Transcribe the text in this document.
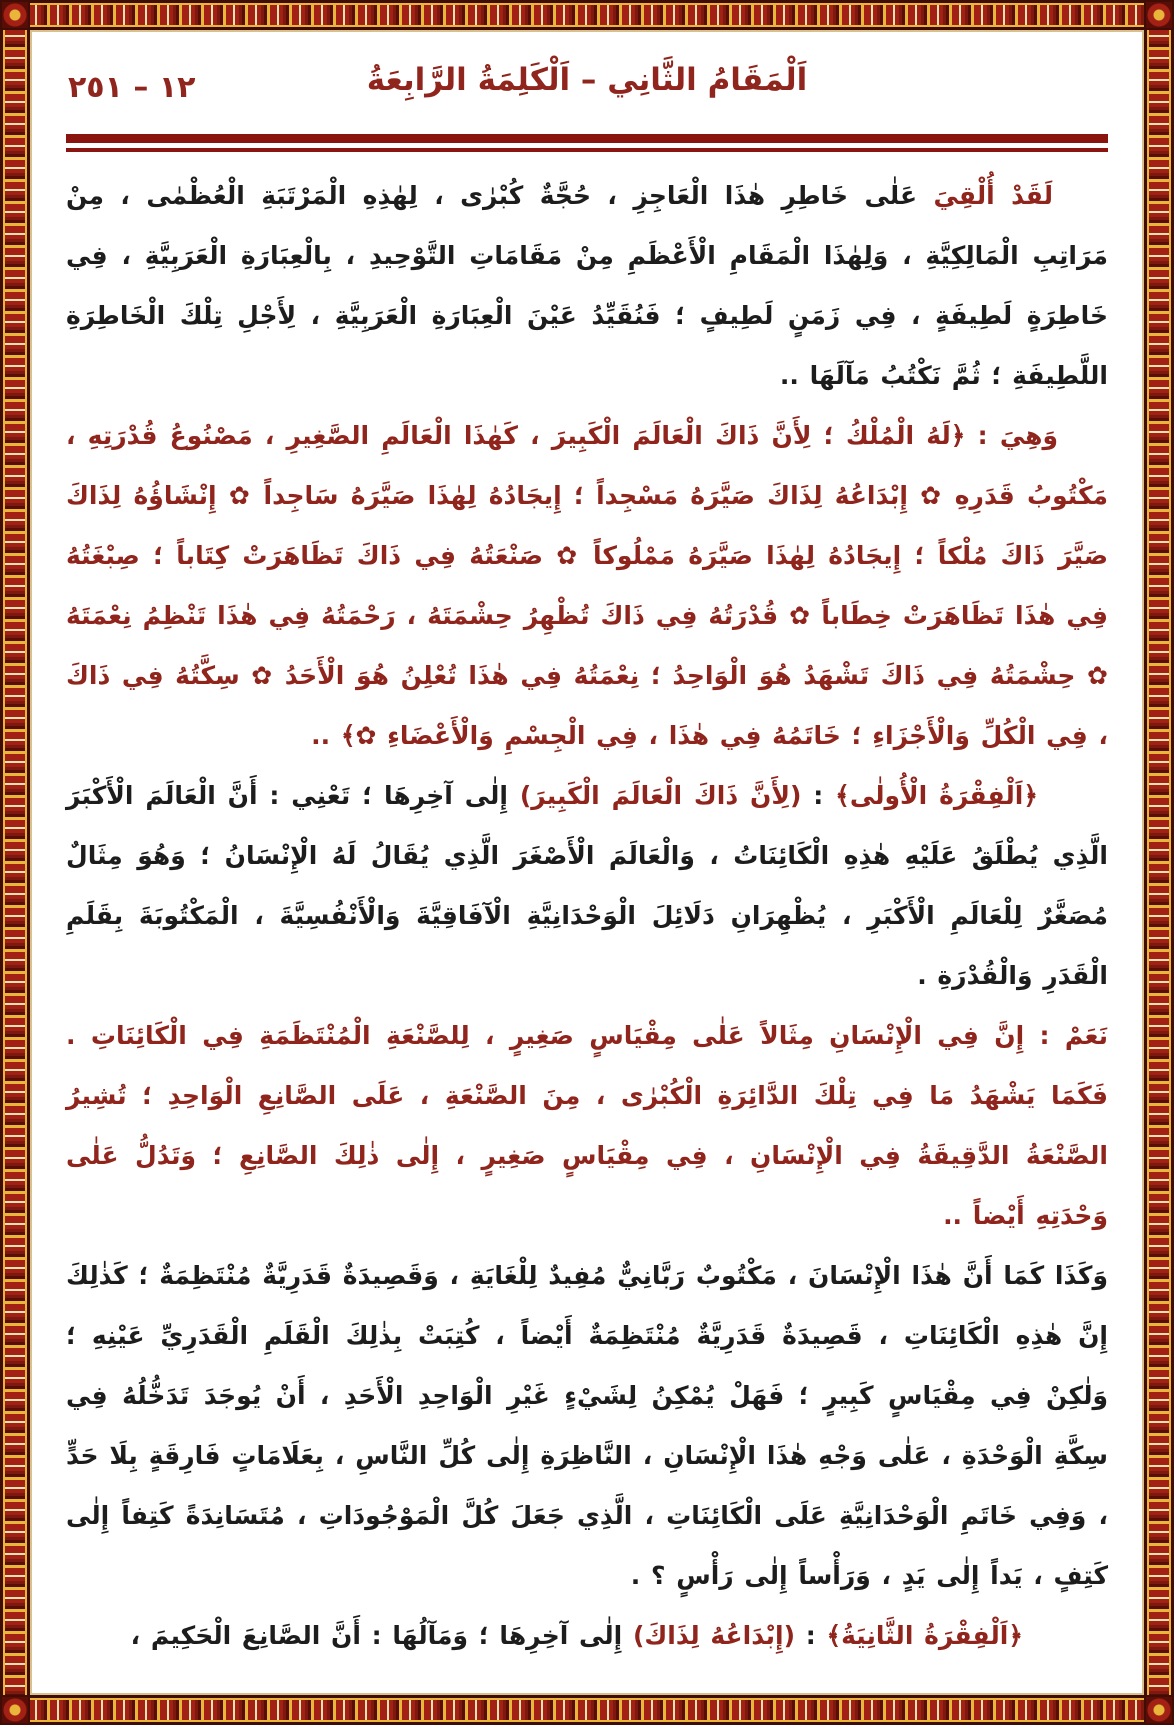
١٢ – ٢٥١	اَلْمَقَامُ الثَّانِي – اَلْكَلِمَةُ الرَّابِعَةُ

لَقَدْ أُلْقِيَ عَلٰى خَاطِرِ هٰذَا الْعَاجِزِ ، حُجَّةٌ كُبْرٰى ، لِهٰذِهِ الْمَرْتَبَةِ الْعُظْمٰى ، مِنْ مَرَاتِبِ الْمَالِكِيَّةِ ، وَلِهٰذَا الْمَقَامِ الْأَعْظَمِ مِنْ مَقَامَاتِ التَّوْحِيدِ ، بِالْعِبَارَةِ الْعَرَبِيَّةِ ، فِي خَاطِرَةٍ لَطِيفَةٍ ، فِي زَمَنٍ لَطِيفٍ ؛ فَنُقَيِّدُ عَيْنَ الْعِبَارَةِ الْعَرَبِيَّةِ ، لِأَجْلِ تِلْكَ الْخَاطِرَةِ اللَّطِيفَةِ ؛ ثُمَّ نَكْتُبُ مَآلَهَا ..

وَهِيَ : ﴿لَهُ الْمُلْكُ ؛ لِأَنَّ ذَاكَ الْعَالَمَ الْكَبِيرَ ، كَهٰذَا الْعَالَمِ الصَّغِيرِ ، مَصْنُوعُ قُدْرَتِهِ ، مَكْتُوبُ قَدَرِهِ ✿ إِبْدَاعُهُ لِذَاكَ صَيَّرَهُ مَسْجِداً ؛ إِيجَادُهُ لِهٰذَا صَيَّرَهُ سَاجِداً ✿ إِنْشَاؤُهُ لِذَاكَ صَيَّرَ ذَاكَ مُلْكاً ؛ إِيجَادُهُ لِهٰذَا صَيَّرَهُ مَمْلُوكاً ✿ صَنْعَتُهُ فِي ذَاكَ تَظَاهَرَتْ كِتَاباً ؛ صِبْغَتُهُ فِي هٰذَا تَظَاهَرَتْ خِطَاباً ✿ قُدْرَتُهُ فِي ذَاكَ تُظْهِرُ حِشْمَتَهُ ، رَحْمَتُهُ فِي هٰذَا تَنْظِمُ نِعْمَتَهُ ✿ حِشْمَتُهُ فِي ذَاكَ تَشْهَدُ هُوَ الْوَاحِدُ ؛ نِعْمَتُهُ فِي هٰذَا تُعْلِنُ هُوَ الْأَحَدُ ✿ سِكَّتُهُ فِي ذَاكَ ، فِي الْكُلِّ وَالْأَجْزَاءِ ؛ خَاتَمُهُ فِي هٰذَا ، فِي الْجِسْمِ وَالْأَعْضَاءِ ✿﴾ ..

﴿اَلْفِقْرَةُ الْأُولٰى﴾ : (لِأَنَّ ذَاكَ الْعَالَمَ الْكَبِيرَ) إِلٰى آخِرِهَا ؛ تَعْنِي : أَنَّ الْعَالَمَ الْأَكْبَرَ الَّذِي يُطْلَقُ عَلَيْهِ هٰذِهِ الْكَائِنَاتُ ، وَالْعَالَمَ الْأَصْغَرَ الَّذِي يُقَالُ لَهُ الْإِنْسَانُ ؛ وَهُوَ مِثَالٌ مُصَغَّرٌ لِلْعَالَمِ الْأَكْبَرِ ، يُظْهِرَانِ دَلَائِلَ الْوَحْدَانِيَّةِ الْآفَاقِيَّةَ وَالْأَنْفُسِيَّةَ ، الْمَكْتُوبَةَ بِقَلَمِ الْقَدَرِ وَالْقُدْرَةِ .

نَعَمْ : إِنَّ فِي الْإِنْسَانِ مِثَالاً عَلٰى مِقْيَاسٍ صَغِيرٍ ، لِلصَّنْعَةِ الْمُنْتَظَمَةِ فِي الْكَائِنَاتِ . فَكَمَا يَشْهَدُ مَا فِي تِلْكَ الدَّائِرَةِ الْكُبْرٰى ، مِنَ الصَّنْعَةِ ، عَلَى الصَّانِعِ الْوَاحِدِ ؛ تُشِيرُ الصَّنْعَةُ الدَّقِيقَةُ فِي الْإِنْسَانِ ، فِي مِقْيَاسٍ صَغِيرٍ ، إِلٰى ذٰلِكَ الصَّانِعِ ؛ وَتَدُلُّ عَلٰى وَحْدَتِهِ أَيْضاً ..

وَكَذَا كَمَا أَنَّ هٰذَا الْإِنْسَانَ ، مَكْتُوبٌ رَبَّانِيٌّ مُفِيدٌ لِلْغَايَةِ ، وَقَصِيدَةٌ قَدَرِيَّةٌ مُنْتَظِمَةٌ ؛ كَذٰلِكَ إِنَّ هٰذِهِ الْكَائِنَاتِ ، قَصِيدَةٌ قَدَرِيَّةٌ مُنْتَظِمَةٌ أَيْضاً ، كُتِبَتْ بِذٰلِكَ الْقَلَمِ الْقَدَرِيِّ عَيْنِهِ ؛ وَلٰكِنْ فِي مِقْيَاسٍ كَبِيرٍ ؛ فَهَلْ يُمْكِنُ لِشَيْءٍ غَيْرِ الْوَاحِدِ الْأَحَدِ ، أَنْ يُوجَدَ تَدَخُّلُهُ فِي سِكَّةِ الْوَحْدَةِ ، عَلٰى وَجْهِ هٰذَا الْإِنْسَانِ ، النَّاظِرَةِ إِلٰى كُلِّ النَّاسِ ، بِعَلَامَاتٍ فَارِقَةٍ بِلَا حَدٍّ ، وَفِي خَاتَمِ الْوَحْدَانِيَّةِ عَلَى الْكَائِنَاتِ ، الَّذِي جَعَلَ كُلَّ الْمَوْجُودَاتِ ، مُتَسَانِدَةً كَتِفاً إِلٰى كَتِفٍ ، يَداً إِلٰى يَدٍ ، وَرَأْساً إِلٰى رَأْسٍ ؟ .

﴿اَلْفِقْرَةُ الثَّانِيَةُ﴾ : (إِبْدَاعُهُ لِذَاكَ) إِلٰى آخِرِهَا ؛ وَمَآلُهَا : أَنَّ الصَّانِعَ الْحَكِيمَ ،
